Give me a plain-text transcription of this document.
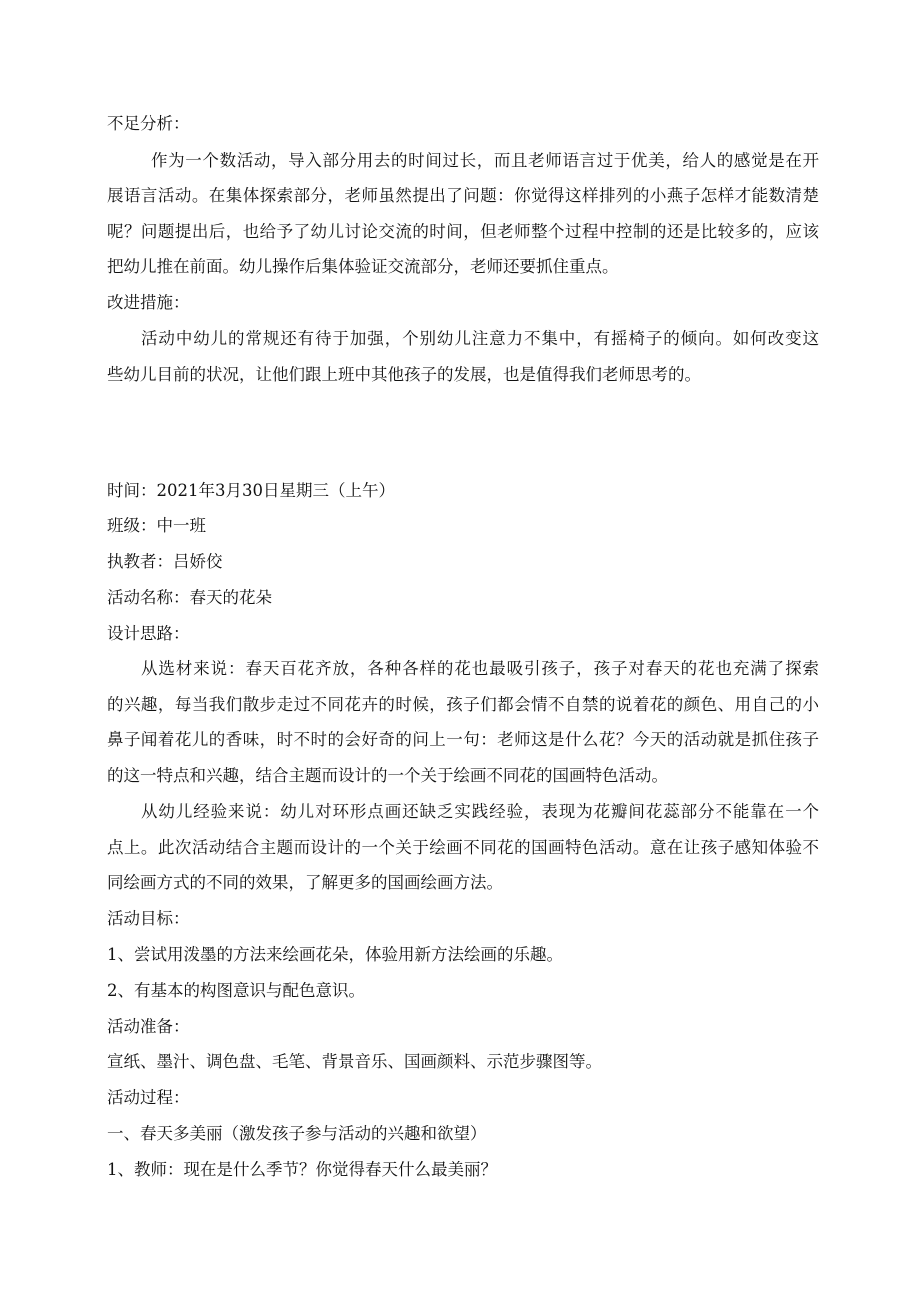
不足分析：
作为一个数活动，导入部分用去的时间过长，而且老师语言过于优美，给人的感觉是在开
展语言活动。在集体探索部分，老师虽然提出了问题：你觉得这样排列的小燕子怎样才能数清楚
呢？问题提出后，也给予了幼儿讨论交流的时间，但老师整个过程中控制的还是比较多的，应该
把幼儿推在前面。幼儿操作后集体验证交流部分，老师还要抓住重点。
改进措施：
活动中幼儿的常规还有待于加强，个别幼儿注意力不集中，有摇椅子的倾向。如何改变这
些幼儿目前的状况，让他们跟上班中其他孩子的发展，也是值得我们老师思考的。
时间：2021年3月30日星期三（上午）
班级：中一班
执教者：吕娇佼
活动名称：春天的花朵
设计思路：
从选材来说：春天百花齐放，各种各样的花也最吸引孩子，孩子对春天的花也充满了探索
的兴趣，每当我们散步走过不同花卉的时候，孩子们都会情不自禁的说着花的颜色、用自己的小
鼻子闻着花儿的香味，时不时的会好奇的问上一句：老师这是什么花？今天的活动就是抓住孩子
的这一特点和兴趣，结合主题而设计的一个关于绘画不同花的国画特色活动。
从幼儿经验来说：幼儿对环形点画还缺乏实践经验，表现为花瓣间花蕊部分不能靠在一个
点上。此次活动结合主题而设计的一个关于绘画不同花的国画特色活动。意在让孩子感知体验不
同绘画方式的不同的效果，了解更多的国画绘画方法。
活动目标：
1、尝试用泼墨的方法来绘画花朵，体验用新方法绘画的乐趣。
2、有基本的构图意识与配色意识。
活动准备：
宣纸、墨汁、调色盘、毛笔、背景音乐、国画颜料、示范步骤图等。
活动过程：
一、春天多美丽（激发孩子参与活动的兴趣和欲望）
1、教师：现在是什么季节？你觉得春天什么最美丽？
